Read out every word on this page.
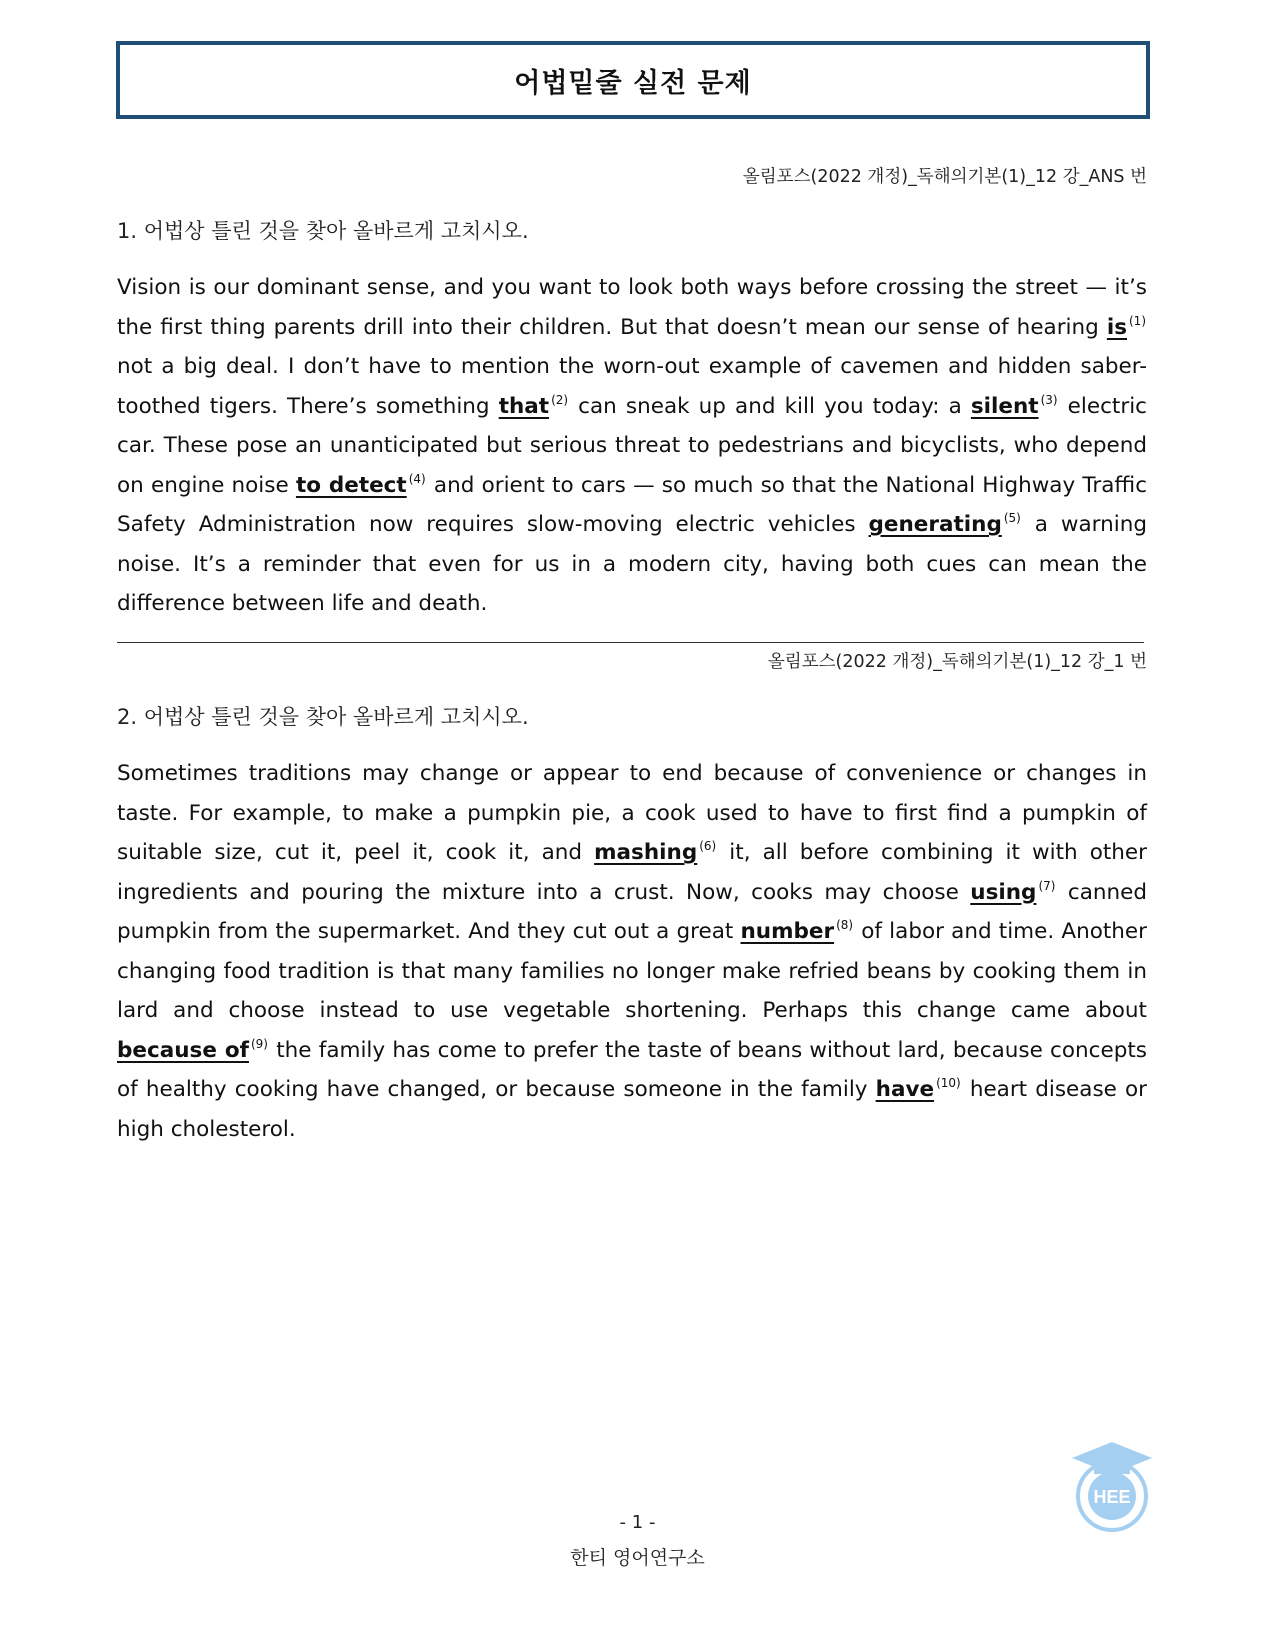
어법밑줄 실전 문제
올림포스(2022 개정)_독해의기본(1)_12 강_ANS 번
1. 어법상 틀린 것을 찾아 올바르게 고치시오.
Vision is our dominant sense, and you want to look both ways before crossing the street — it’s the first thing parents drill into their children. But that doesn’t mean our sense of hearing is $^{(1)}$ not a big deal. I don’t have to mention the worn-out example of cavemen and hidden saber-toothed tigers. There’s something that $^{(2)}$ can sneak up and kill you today: a silent $^{(3)}$ electric car. These pose an unanticipated but serious threat to pedestrians and bicyclists, who depend on engine noise to detect $^{(4)}$ and orient to cars — so much so that the National Highway Traffic Safety Administration now requires slow-moving electric vehicles generating $^{(5)}$ a warning noise. It’s a reminder that even for us in a modern city, having both cues can mean the difference between life and death.
올림포스(2022 개정)_독해의기본(1)_12 강_1 번
2. 어법상 틀린 것을 찾아 올바르게 고치시오.
Sometimes traditions may change or appear to end because of convenience or changes in taste. For example, to make a pumpkin pie, a cook used to have to first find a pumpkin of suitable size, cut it, peel it, cook it, and mashing $^{(6)}$ it, all before combining it with other ingredients and pouring the mixture into a crust. Now, cooks may choose using $^{(7)}$ canned pumpkin from the supermarket. And they cut out a great number $^{(8)}$ of labor and time. Another changing food tradition is that many families no longer make refried beans by cooking them in lard and choose instead to use vegetable shortening. Perhaps this change came about because of $^{(9)}$ the family has come to prefer the taste of beans without lard, because concepts of healthy cooking have changed, or because someone in the family have $^{(10)}$ heart disease or high cholesterol.
HEE
- 1 -
한티 영어연구소
